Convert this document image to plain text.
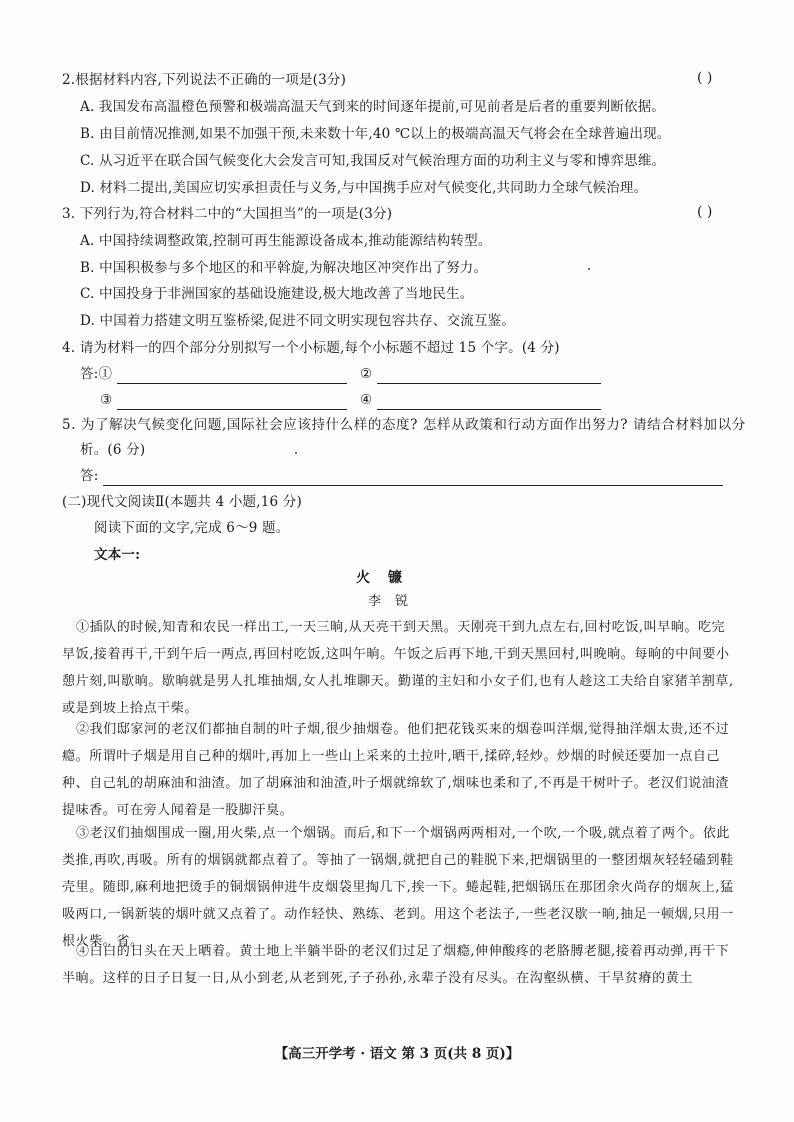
2.根据材料内容,下列说法不正确的一项是(3分)	( )
A. 我国发布高温橙色预警和极端高温天气到来的时间逐年提前,可见前者是后者的重要判断依据。
B. 由目前情况推测,如果不加强干预,未来数十年,40 ℃以上的极端高温天气将会在全球普遍出现。
C. 从习近平在联合国气候变化大会发言可知,我国反对气候治理方面的功利主义与零和博弈思维。
D. 材料二提出,美国应切实承担责任与义务,与中国携手应对气候变化,共同助力全球气候治理。
3. 下列行为,符合材料二中的“大国担当”的一项是(3分)	( )
A. 中国持续调整政策,控制可再生能源设备成本,推动能源结构转型。
B. 中国积极参与多个地区的和平斡旋,为解决地区冲突作出了努力。
C. 中国投身于非洲国家的基础设施建设,极大地改善了当地民生。
D. 中国着力搭建文明互鉴桥梁,促进不同文明实现包容共存、交流互鉴。
4. 请为材料一的四个部分分别拟写一个小标题,每个小标题不超过 15 个字。(4 分)
答:①	②
③	④
5. 为了解决气候变化问题,国际社会应该持什么样的态度? 怎样从政策和行动方面作出努力? 请结合材料加以分
析。(6 分)
答:
(二)现代文阅读Ⅱ(本题共 4 小题,16 分)
阅读下面的文字,完成 6～9 题。
文本一:
火镰
李锐
①插队的时候,知青和农民一样出工,一天三晌,从天亮干到天黑。天刚亮干到九点左右,回村吃饭,叫早晌。吃完早饭,接着再干,干到午后一两点,再回村吃饭,这叫午晌。午饭之后再下地,干到天黑回村,叫晚晌。每晌的中间要小憩片刻,叫歇晌。歇晌就是男人扎堆抽烟,女人扎堆聊天。勤谨的主妇和小女子们,也有人趁这工夫给自家猪羊割草,或是到坡上拾点干柴。
②我们邸家河的老汉们都抽自制的叶子烟,很少抽烟卷。他们把花钱买来的烟卷叫洋烟,觉得抽洋烟太贵,还不过瘾。所谓叶子烟是用自己种的烟叶,再加上一些山上采来的土拉叶,晒干,揉碎,轻炒。炒烟的时候还要加一点自己种、自己轧的胡麻油和油渣。加了胡麻油和油渣,叶子烟就绵软了,烟味也柔和了,不再是干树叶子。老汉们说油渣提味香。可在旁人闻着是一股脚汗臭。
③老汉们抽烟围成一圈,用火柴,点一个烟锅。而后,和下一个烟锅两两相对,一个吹,一个吸,就点着了两个。依此类推,再吹,再吸。所有的烟锅就都点着了。等抽了一锅烟,就把自己的鞋脱下来,把烟锅里的一整团烟灰轻轻磕到鞋壳里。随即,麻利地把烫手的铜烟锅伸进牛皮烟袋里掏几下,挨一下。蜷起鞋,把烟锅压在那团余火尚存的烟灰上,猛吸两口,一锅新装的烟叶就又点着了。动作轻快、熟练、老到。用这个老法子,一些老汉歇一晌,抽足一顿烟,只用一根火柴。省。
④白白的日头在天上晒着。黄土地上半躺半卧的老汉们过足了烟瘾,伸伸酸疼的老胳膊老腿,接着再动弹,再干下半晌。这样的日子日复一日,从小到老,从老到死,子子孙孙,永辈子没有尽头。在沟壑纵横、干旱贫瘠的黄土
【高三开学考 · 语文 第 3 页(共 8 页)】
